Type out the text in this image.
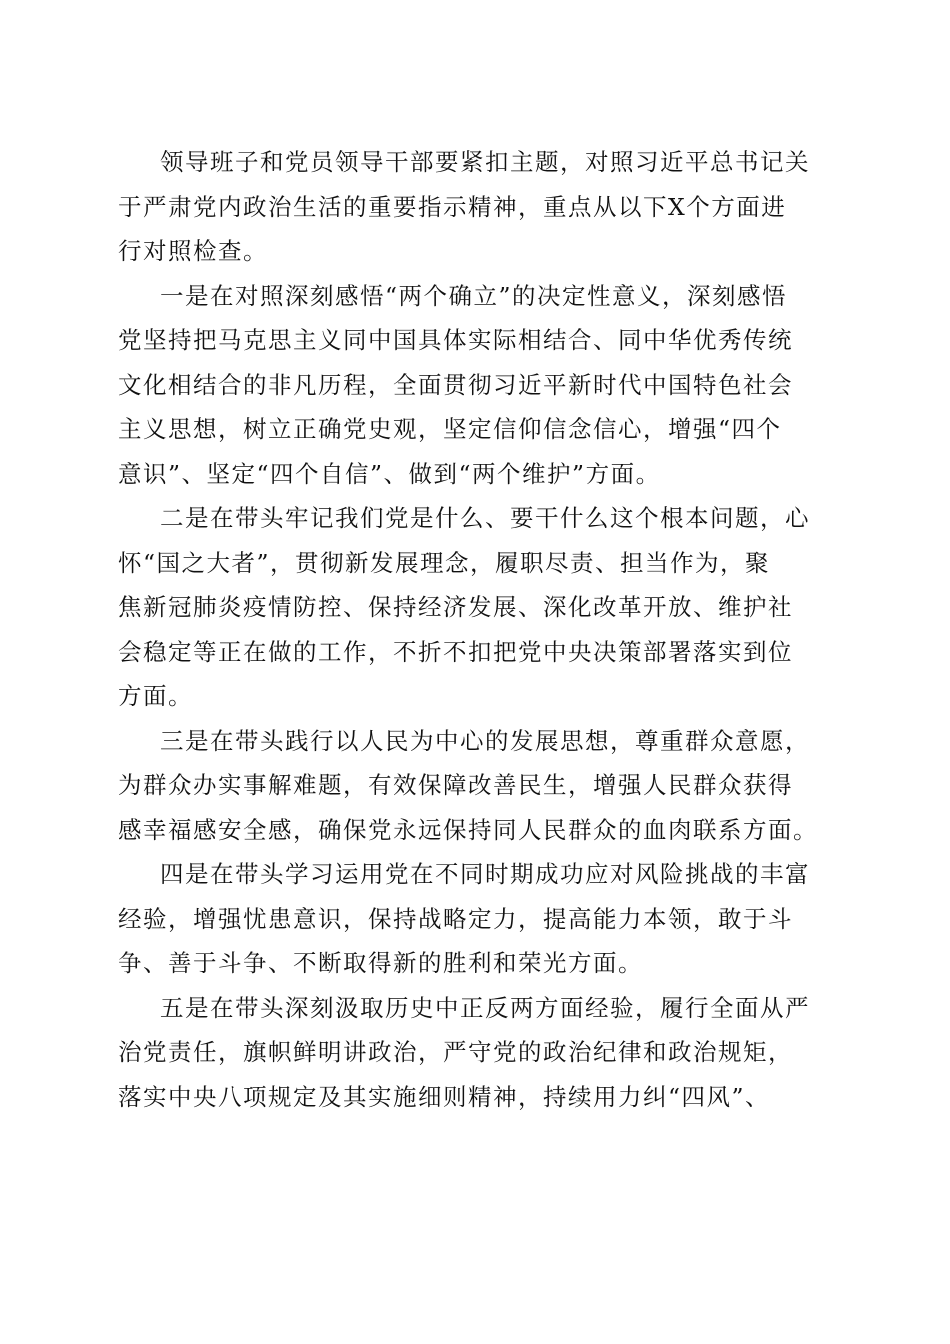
领导班子和党员领导干部要紧扣主题，对照习近平总书记关
于严肃党内政治生活的重要指示精神，重点从以下X个方面进
行对照检查。
一是在对照深刻感悟“两个确立”的决定性意义，深刻感悟
党坚持把马克思主义同中国具体实际相结合、同中华优秀传统
文化相结合的非凡历程，全面贯彻习近平新时代中国特色社会
主义思想，树立正确党史观，坚定信仰信念信心，增强“四个
意识”、坚定“四个自信”、做到“两个维护”方面。
二是在带头牢记我们党是什么、要干什么这个根本问题，心
怀“国之大者”，贯彻新发展理念，履职尽责、担当作为，聚
焦新冠肺炎疫情防控、保持经济发展、深化改革开放、维护社
会稳定等正在做的工作，不折不扣把党中央决策部署落实到位
方面。
三是在带头践行以人民为中心的发展思想，尊重群众意愿，
为群众办实事解难题，有效保障改善民生，增强人民群众获得
感幸福感安全感，确保党永远保持同人民群众的血肉联系方面。
四是在带头学习运用党在不同时期成功应对风险挑战的丰富
经验，增强忧患意识，保持战略定力，提高能力本领，敢于斗
争、善于斗争、不断取得新的胜利和荣光方面。
五是在带头深刻汲取历史中正反两方面经验，履行全面从严
治党责任，旗帜鲜明讲政治，严守党的政治纪律和政治规矩，
落实中央八项规定及其实施细则精神，持续用力纠“四风”、
